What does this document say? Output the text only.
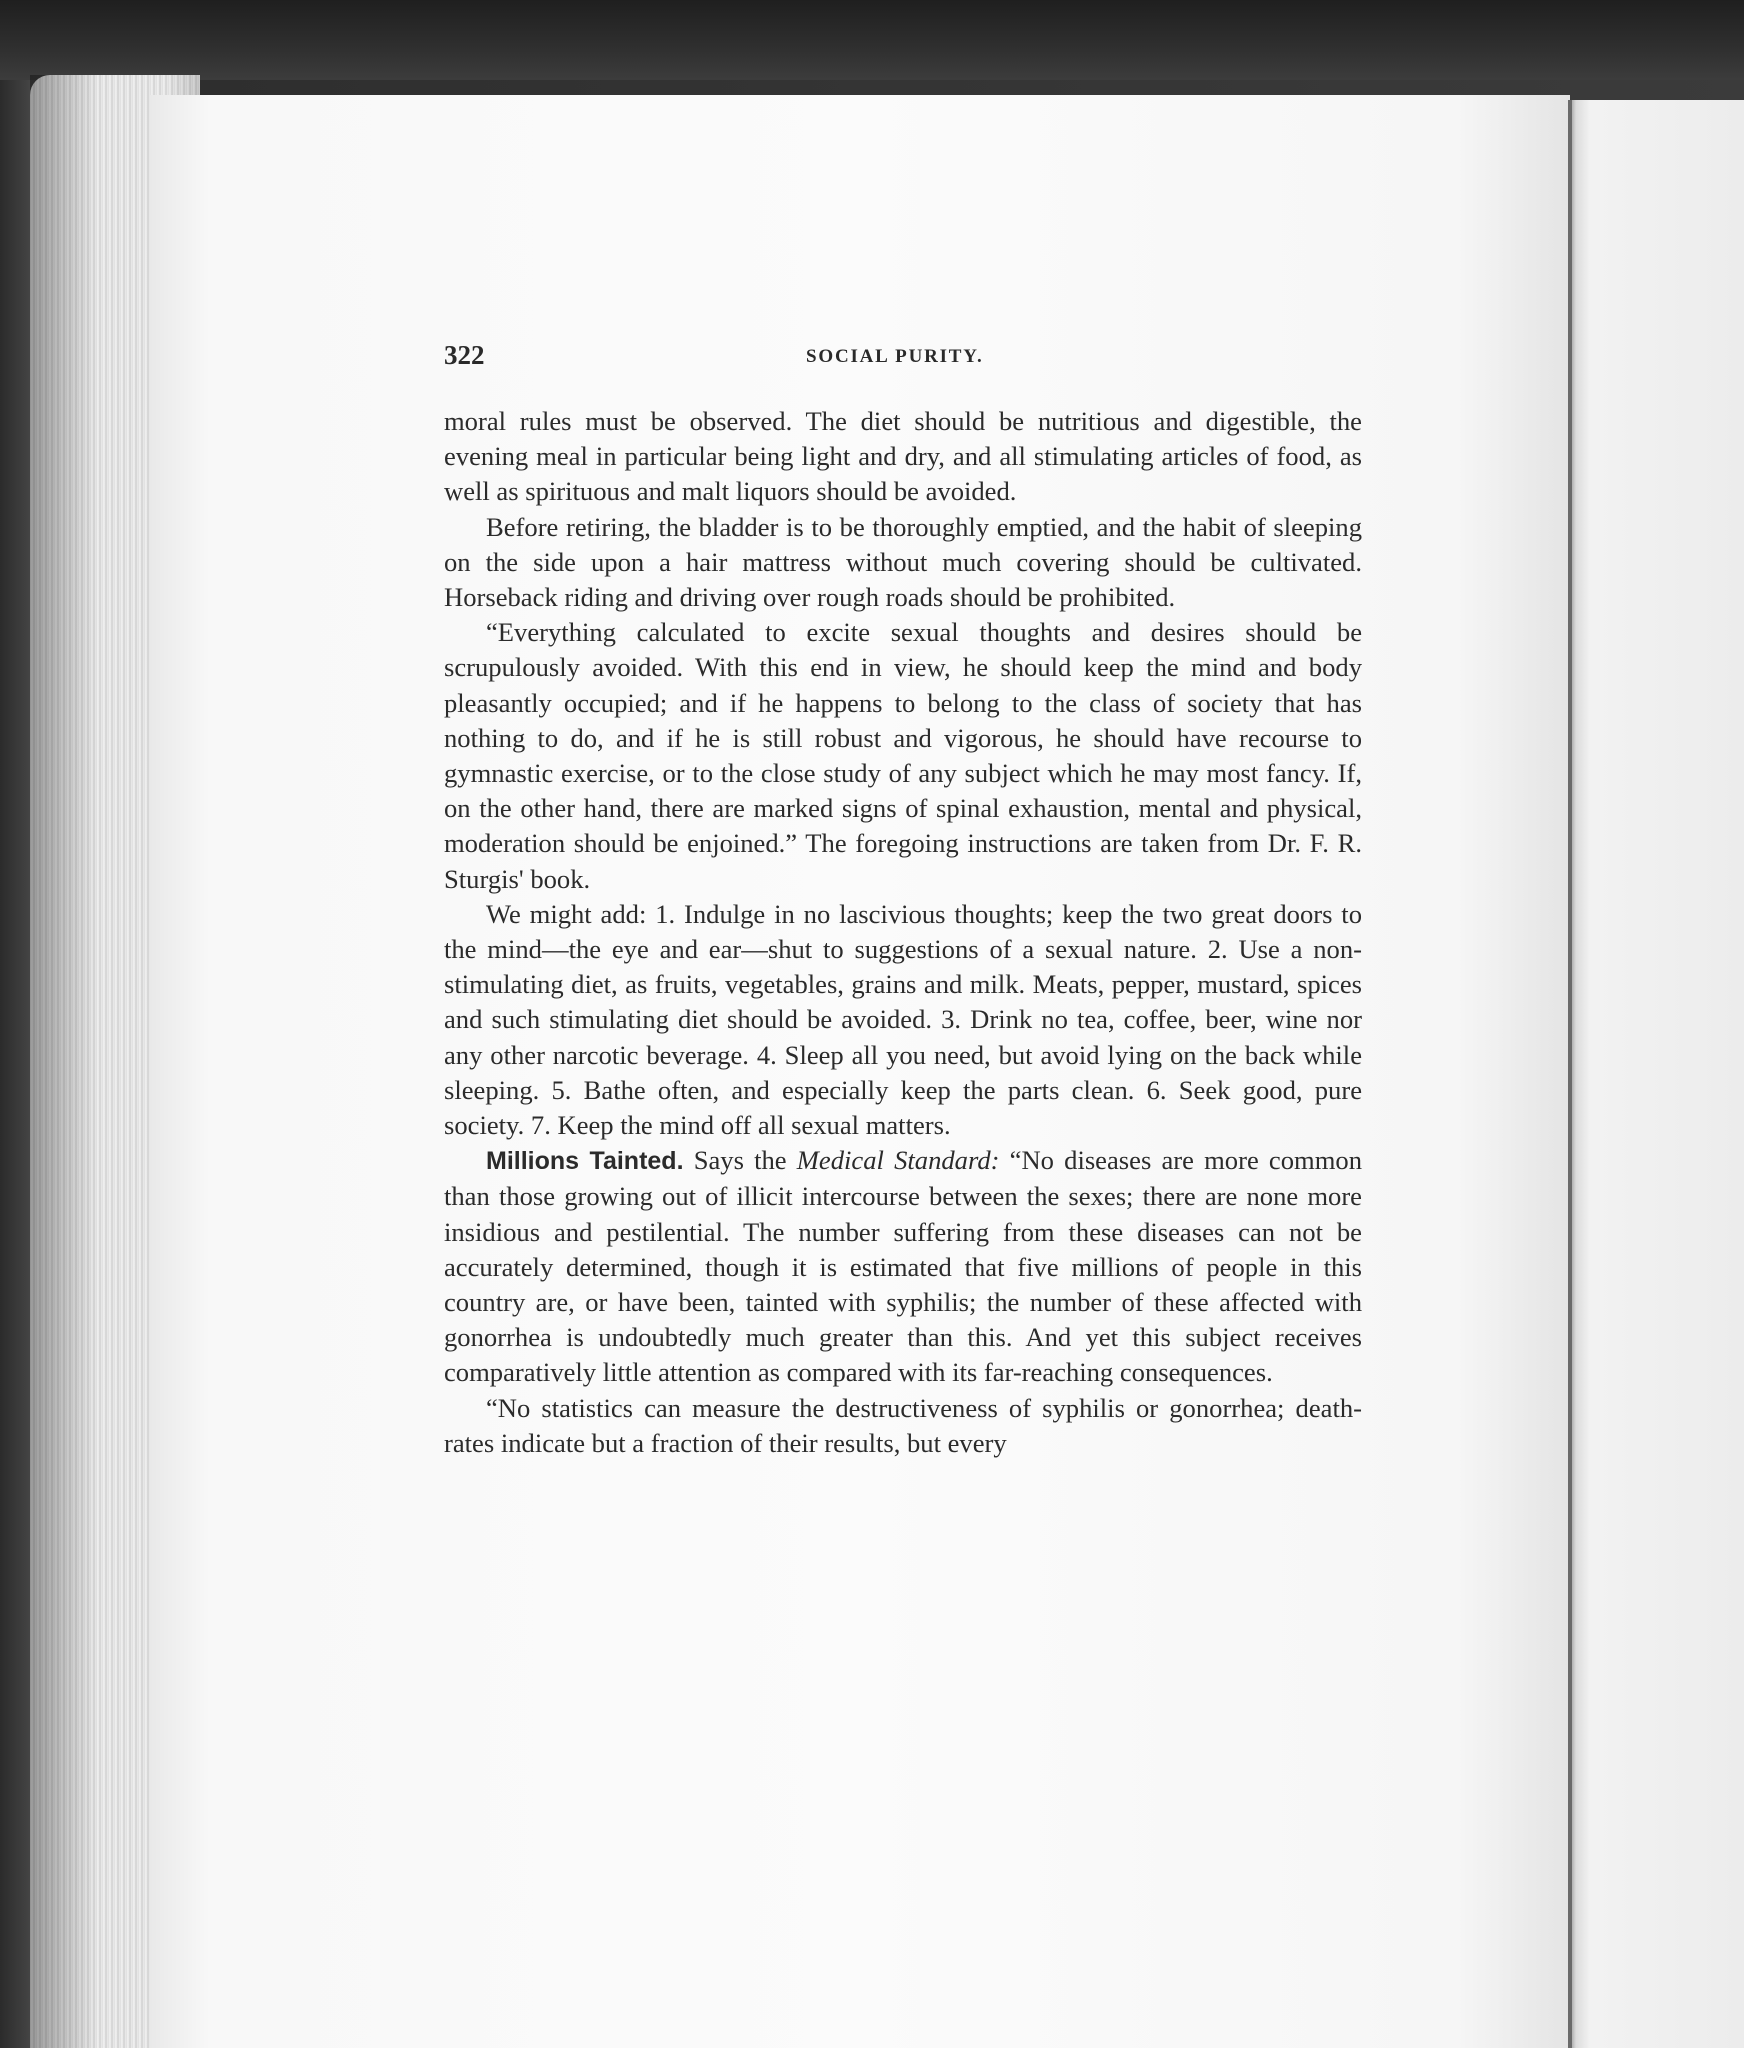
322	SOCIAL PURITY.

moral rules must be observed. The diet should be nutritious and digestible, the evening meal in particular being light and dry, and all stimulating articles of food, as well as spirituous and malt liquors should be avoided.

Before retiring, the bladder is to be thoroughly emptied, and the habit of sleeping on the side upon a hair mattress without much covering should be cultivated. Horseback riding and driving over rough roads should be prohibited.

“Everything calculated to excite sexual thoughts and desires should be scrupulously avoided. With this end in view, he should keep the mind and body pleasantly occupied; and if he happens to belong to the class of society that has nothing to do, and if he is still robust and vigorous, he should have recourse to gymnastic exercise, or to the close study of any subject which he may most fancy. If, on the other hand, there are marked signs of spinal exhaustion, mental and physical, moderation should be enjoined.” The foregoing instructions are taken from Dr. F. R. Sturgis' book.

We might add: 1. Indulge in no lascivious thoughts; keep the two great doors to the mind—the eye and ear—shut to suggestions of a sexual nature. 2. Use a non-stimulating diet, as fruits, vegetables, grains and milk. Meats, pepper, mustard, spices and such stimulating diet should be avoided. 3. Drink no tea, coffee, beer, wine nor any other narcotic beverage. 4. Sleep all you need, but avoid lying on the back while sleeping. 5. Bathe often, and especially keep the parts clean. 6. Seek good, pure society. 7. Keep the mind off all sexual matters.

Millions Tainted. Says the Medical Standard: “No diseases are more common than those growing out of illicit intercourse between the sexes; there are none more insidious and pestilential. The number suffering from these diseases can not be accurately determined, though it is estimated that five millions of people in this country are, or have been, tainted with syphilis; the number of these affected with gonorrhea is undoubtedly much greater than this. And yet this subject receives comparatively little attention as compared with its far-reaching consequences.

“No statistics can measure the destructiveness of syphilis or gonorrhea; death-rates indicate but a fraction of their results, but every
